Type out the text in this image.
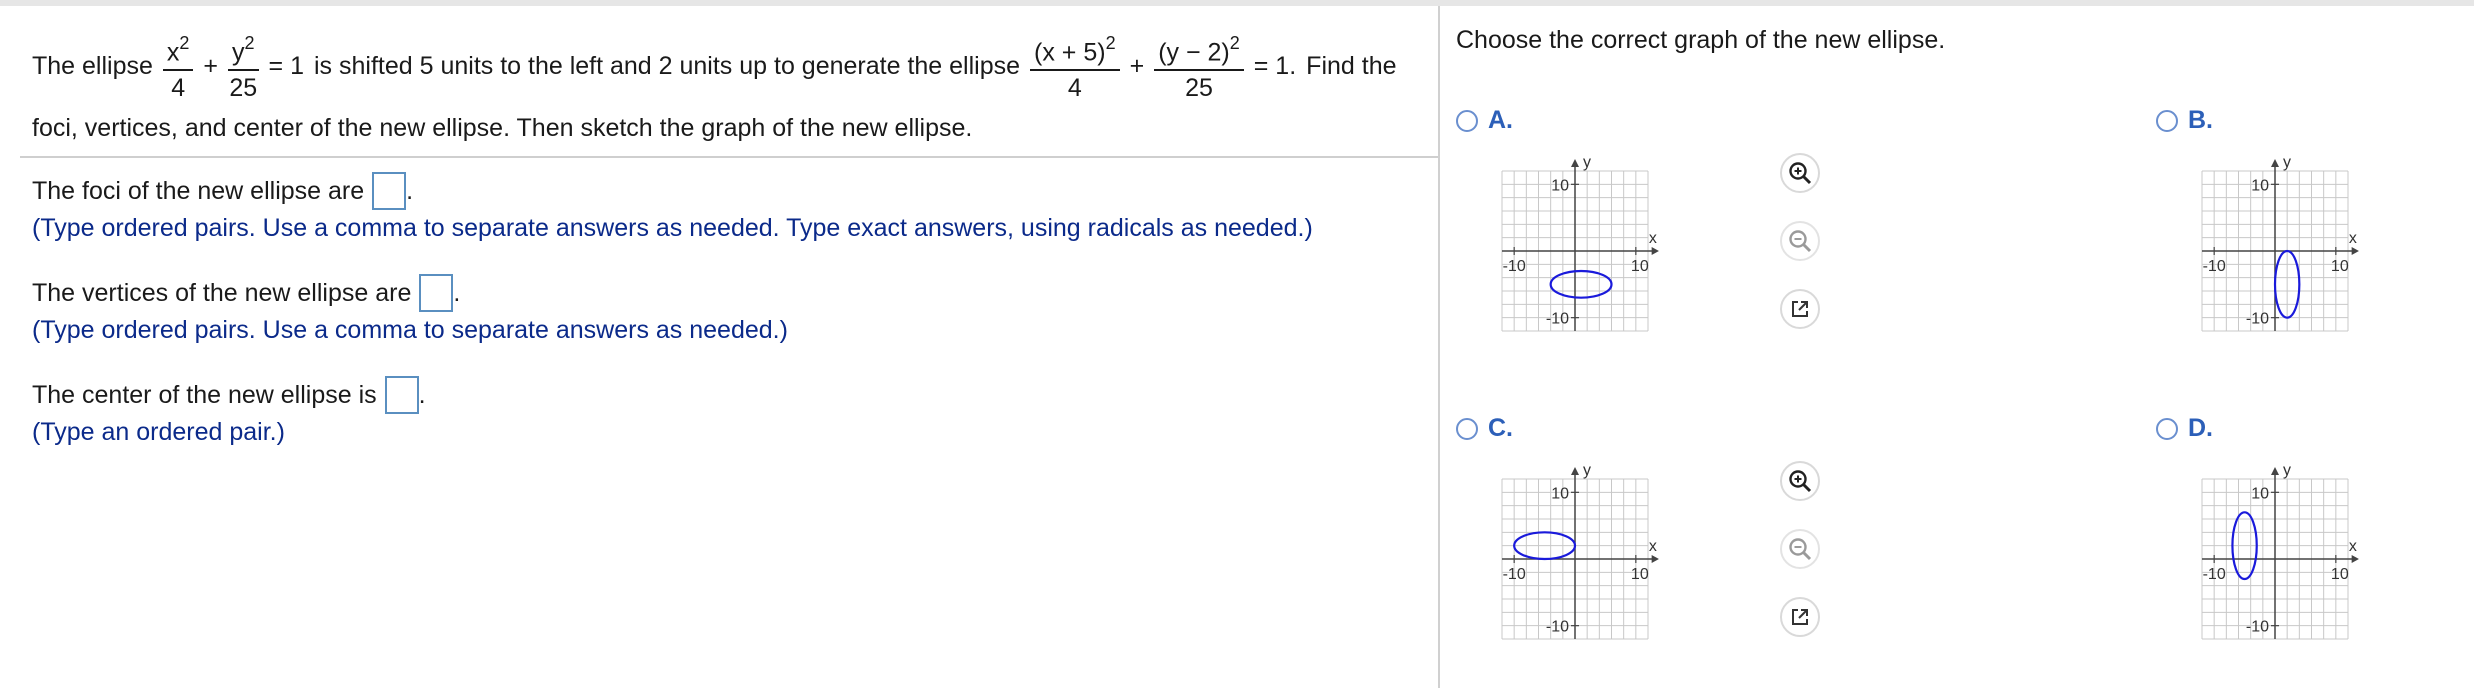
The ellipse $\frac{x^2}{4} + \frac{y^2}{25} = 1$ is shifted 5 units to the left and 2 units up to generate the ellipse $\frac{(x + 5)^2}{4} + \frac{(y - 2)^2}{25} = 1$. Find the
foci, vertices, and center of the new ellipse. Then sketch the graph of the new ellipse.
The foci of the new ellipse are .
(Type ordered pairs. Use a comma to separate answers as needed. Type exact answers, using radicals as needed.)
The vertices of the new ellipse are .
(Type ordered pairs. Use a comma to separate answers as needed.)
The center of the new ellipse is .
(Type an ordered pair.)
Choose the correct graph of the new ellipse.
A.
-10	10
10
-10
x
y
B.
-10	10
10
-10
x
y
C.
-10	10
10
-10
x
y
D.
-10	10
10
-10
x
y
